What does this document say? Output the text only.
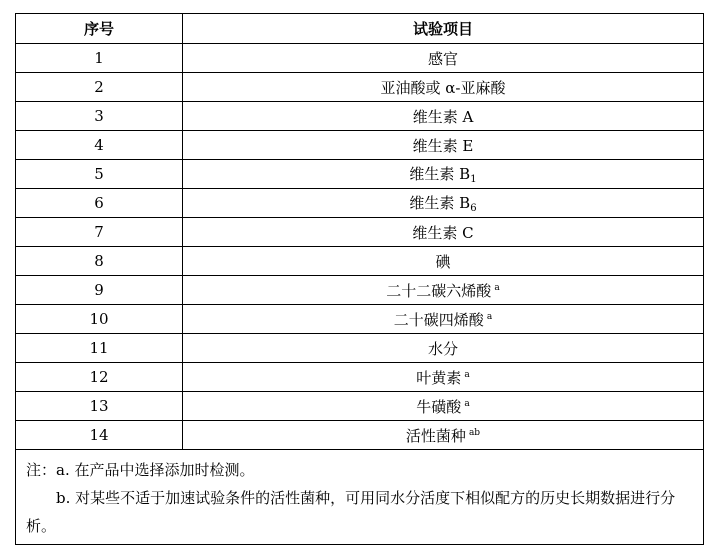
序号	试验项目
1	感官
2	亚油酸或 α-亚麻酸
3	维生素 A
4	维生素 E
5	维生素 $B_1$
6	维生素 $B_6$
7	维生素 C
8	碘
9	二十二碳六烯酸 $^a$
10	二十碳四烯酸 $^a$
11	水分
12	叶黄素 $^a$
13	牛磺酸 $^a$
14	活性菌种 $^{ab}$

注：a. 在产品中选择添加时检测。
b. 对某些不适于加速试验条件的活性菌种，可用同水分活度下相似配方的历史长期数据进行分析。	
